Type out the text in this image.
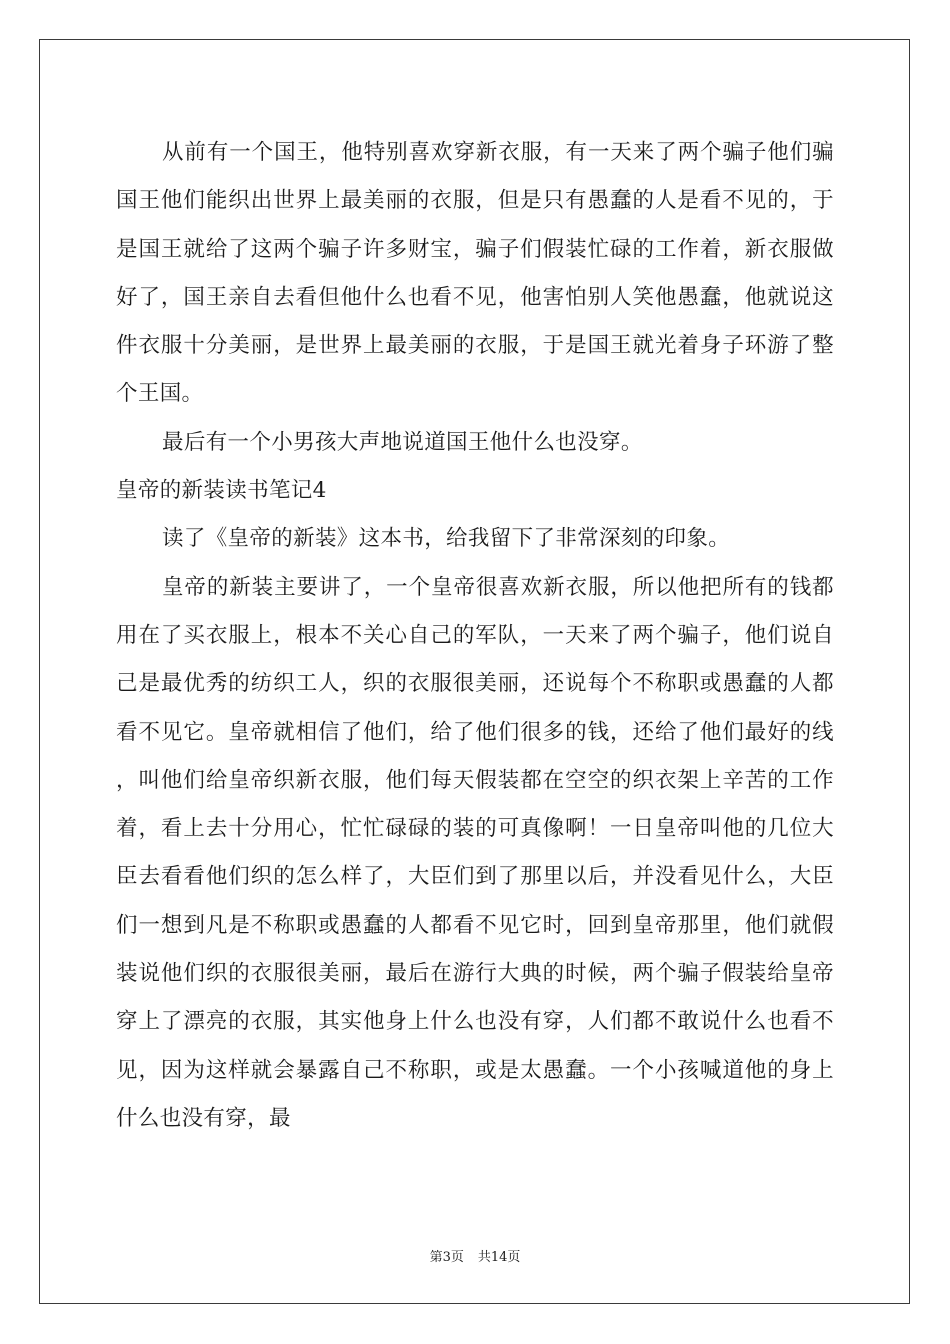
从前有一个国王，他特别喜欢穿新衣服，有一天来了两个骗子他们骗国王他们能织出世界上最美丽的衣服，但是只有愚蠢的人是看不见的，于是国王就给了这两个骗子许多财宝，骗子们假装忙碌的工作着，新衣服做好了，国王亲自去看但他什么也看不见，他害怕别人笑他愚蠢，他就说这件衣服十分美丽，是世界上最美丽的衣服，于是国王就光着身子环游了整个王国。

最后有一个小男孩大声地说道国王他什么也没穿。

皇帝的新装读书笔记4

读了《皇帝的新装》这本书，给我留下了非常深刻的印象。

皇帝的新装主要讲了，一个皇帝很喜欢新衣服，所以他把所有的钱都用在了买衣服上，根本不关心自己的军队，一天来了两个骗子，他们说自己是最优秀的纺织工人，织的衣服很美丽，还说每个不称职或愚蠢的人都看不见它。皇帝就相信了他们，给了他们很多的钱，还给了他们最好的线，叫他们给皇帝织新衣服，他们每天假装都在空空的织衣架上辛苦的工作着，看上去十分用心，忙忙碌碌的装的可真像啊！一日皇帝叫他的几位大臣去看看他们织的怎么样了，大臣们到了那里以后，并没看见什么，大臣们一想到凡是不称职或愚蠢的人都看不见它时，回到皇帝那里，他们就假装说他们织的衣服很美丽，最后在游行大典的时候，两个骗子假装给皇帝穿上了漂亮的衣服，其实他身上什么也没有穿，人们都不敢说什么也看不见，因为这样就会暴露自己不称职，或是太愚蠢。一个小孩喊道他的身上什么也没有穿，最

第3页 共14页
